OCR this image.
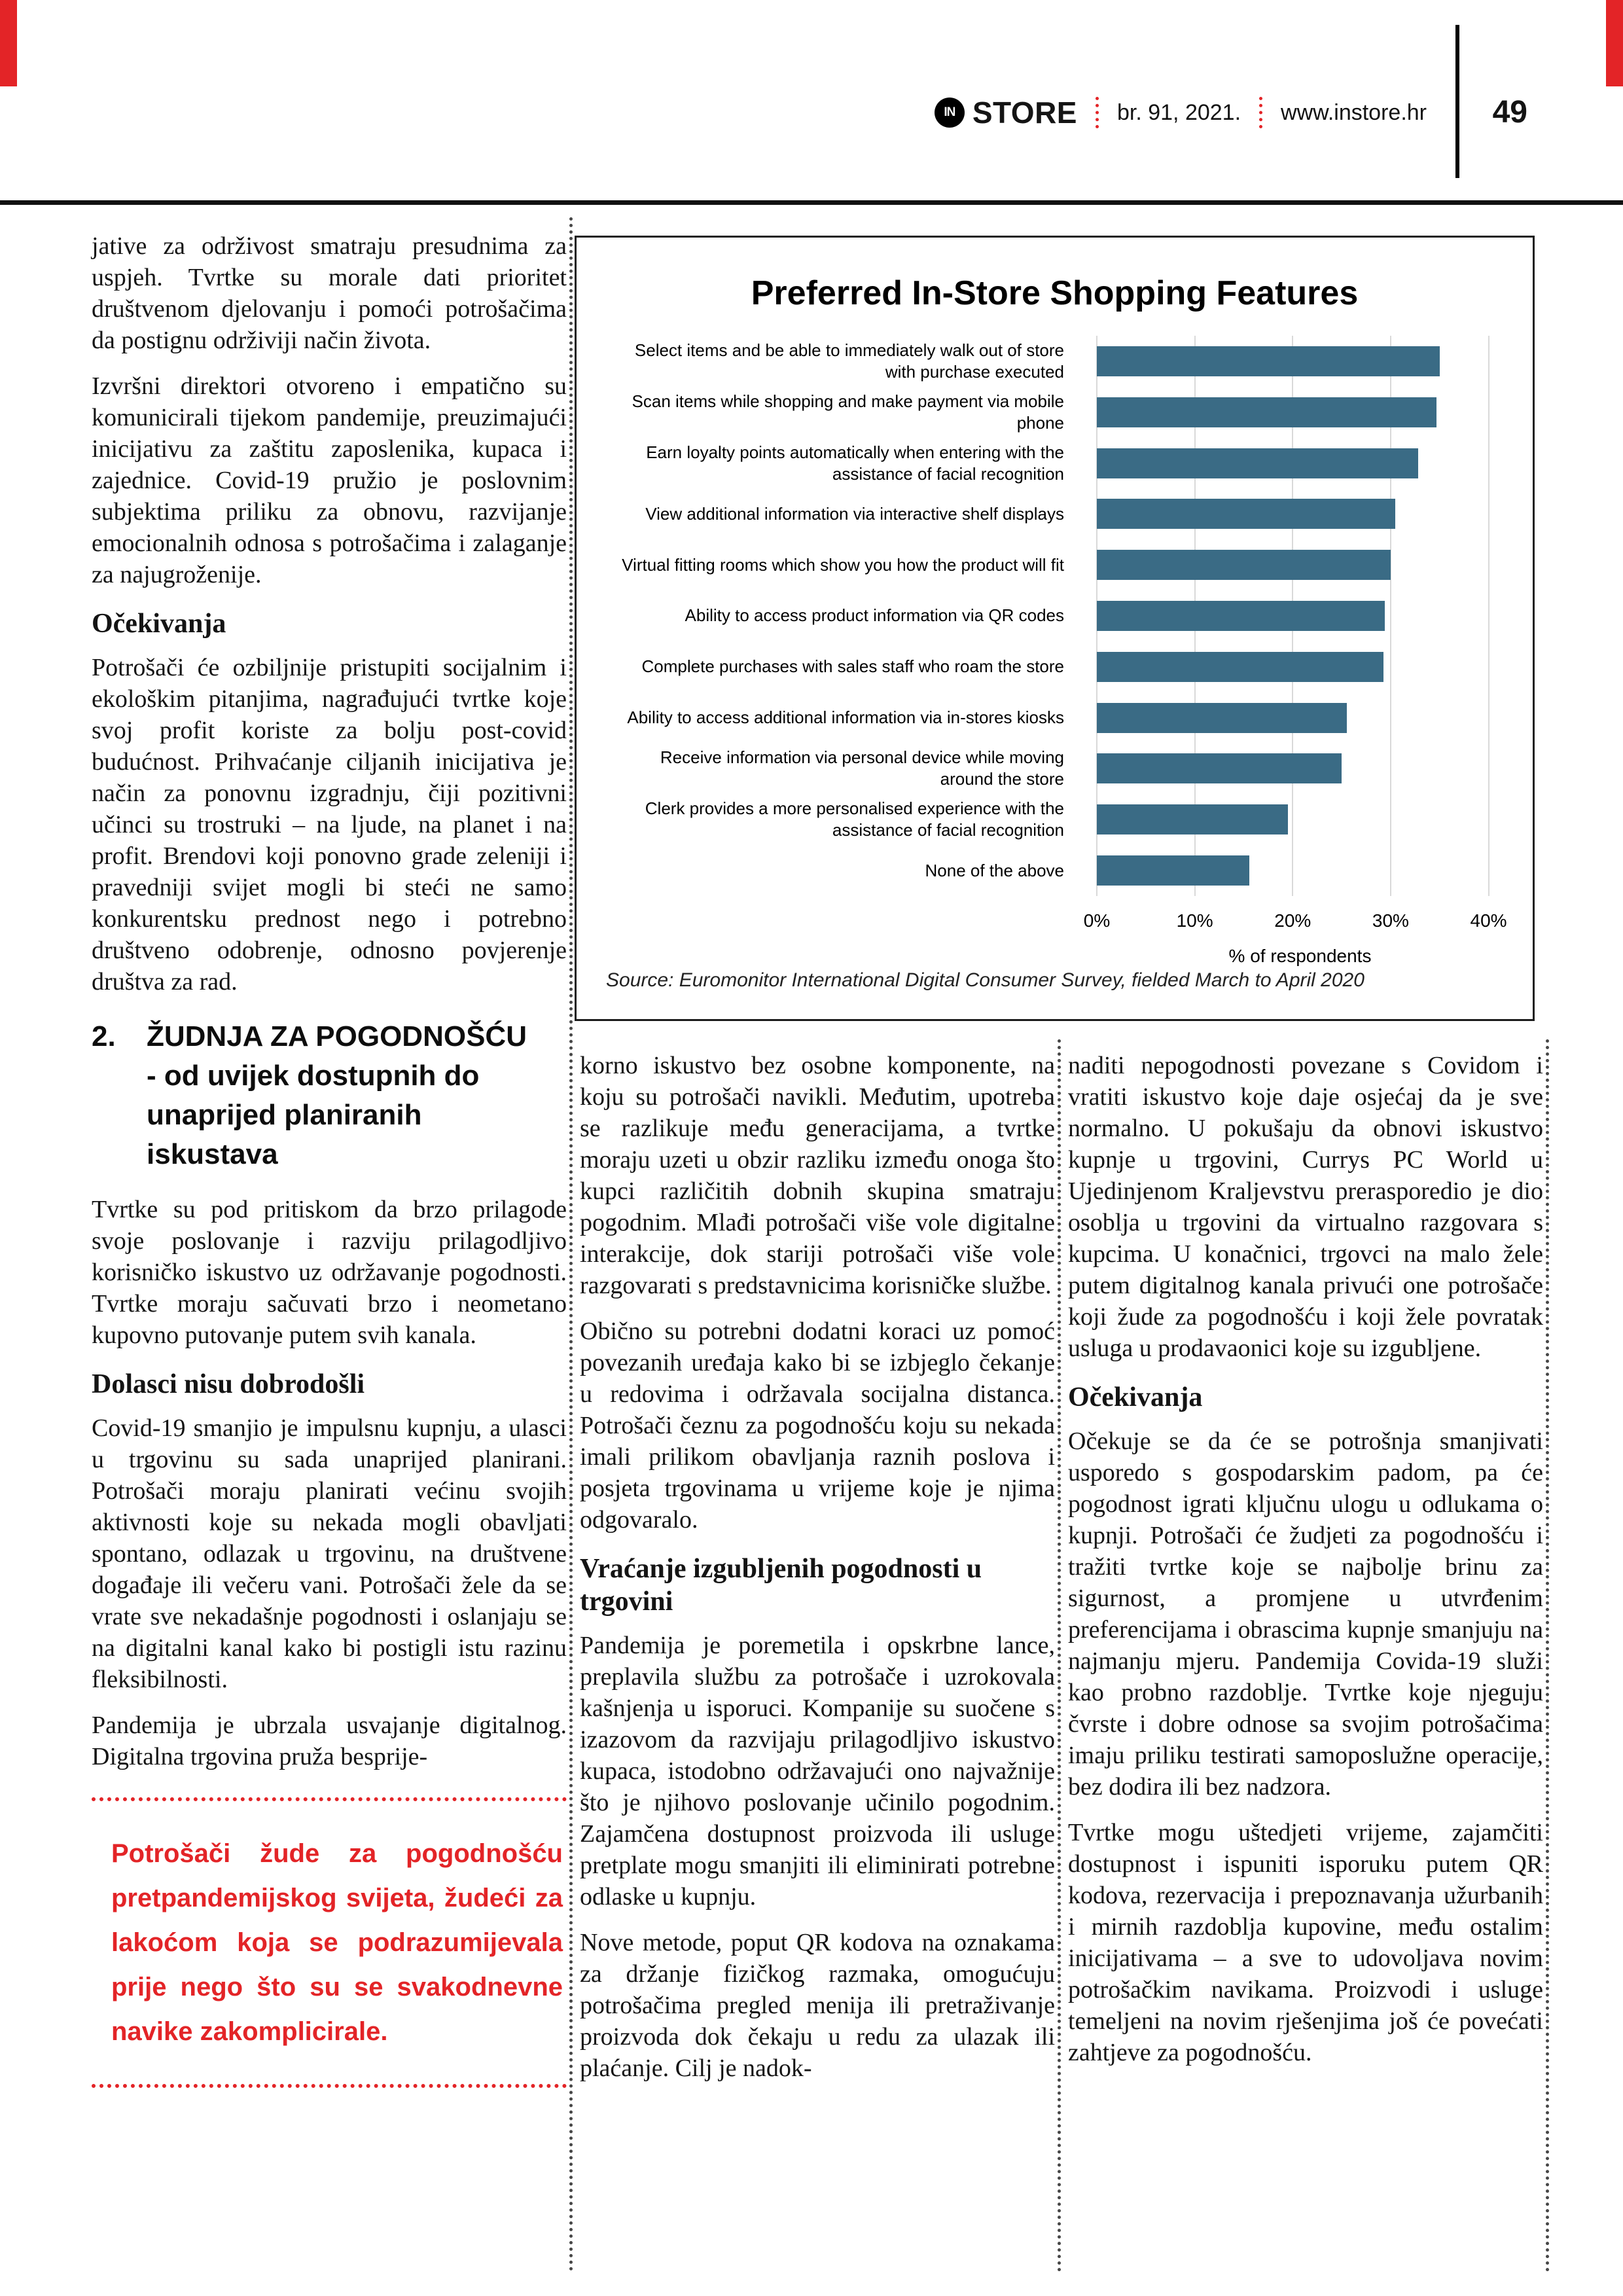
IN STORE br. 91, 2021. www.instore.hr 49
Preferred In-Store Shopping Features
Select items and be able to immediately walk out of store with purchase executed
Scan items while shopping and make payment via mobile phone
Earn loyalty points automatically when entering with the assistance of facial recognition
View additional information via interactive shelf displays
Virtual fitting rooms which show you how the product will fit
Ability to access product information via QR codes
Complete purchases with sales staff who roam the store
Ability to access additional information via in-stores kiosks
Receive information via personal device while moving around the store
Clerk provides a more personalised experience with the assistance of facial recognition
None of the above
0%	10%	20%	30%	40%
% of respondents
Source: Euromonitor International Digital Consumer Survey, fielded March to April 2020

jative za održivost smatraju presudnima za uspjeh. Tvrtke su morale dati prioritet društvenom djelovanju i pomoći potrošačima da postignu održiviji način života.

Izvršni direktori otvoreno i empatično su komunicirali tijekom pandemije, preuzimajući inicijativu za zaštitu zaposlenika, kupaca i zajednice. Covid-19 pružio je poslovnim subjektima priliku za obnovu, razvijanje emocionalnih odnosa s potrošačima i zalaganje za najugroženije.

Očekivanja

Potrošači će ozbiljnije pristupiti socijalnim i ekološkim pitanjima, nagrađujući tvrtke koje svoj profit koriste za bolju post-covid budućnost. Prihvaćanje ciljanih inicijativa je način za ponovnu izgradnju, čiji pozitivni učinci su trostruki – na ljude, na planet i na profit. Brendovi koji ponovno grade zeleniji i pravedniji svijet mogli bi steći ne samo konkurentsku prednost nego i potrebno društveno odobrenje, odnosno povjerenje društva za rad.

2.	ŽUDNJA ZA POGODNOŠĆU - od uvijek dostupnih do unaprijed planiranih iskustava

Tvrtke su pod pritiskom da brzo prilagode svoje poslovanje i razviju prilagodljivo korisničko iskustvo uz održavanje pogodnosti. Tvrtke moraju sačuvati brzo i neometano kupovno putovanje putem svih kanala.

Dolasci nisu dobrodošli

Covid-19 smanjio je impulsnu kupnju, a ulasci u trgovinu su sada unaprijed planirani. Potrošači moraju planirati većinu svojih aktivnosti koje su nekada mogli obavljati spontano, odlazak u trgovinu, na društvene događaje ili večeru vani. Potrošači žele da se vrate sve nekadašnje pogodnosti i oslanjaju se na digitalni kanal kako bi postigli istu razinu fleksibilnosti.

Pandemija je ubrzala usvajanje digitalnog. Digitalna trgovina pruža besprije-

Potrošači žude za pogodnošću pretpandemijskog svijeta, žudeći za lakoćom koja se podrazumijevala prije nego što su se svakodnevne navike zakomplicirale.

korno iskustvo bez osobne komponente, na koju su potrošači navikli. Međutim, upotreba se razlikuje među generacijama, a tvrtke moraju uzeti u obzir razliku između onoga što kupci različitih dobnih skupina smatraju pogodnim. Mlađi potrošači više vole digitalne interakcije, dok stariji potrošači više vole razgovarati s predstavnicima korisničke službe.

Obično su potrebni dodatni koraci uz pomoć povezanih uređaja kako bi se izbjeglo čekanje u redovima i održavala socijalna distanca. Potrošači čeznu za pogodnošću koju su nekada imali prilikom obavljanja raznih poslova i posjeta trgovinama u vrijeme koje je njima odgovaralo.

Vraćanje izgubljenih pogodnosti u trgovini

Pandemija je poremetila i opskrbne lance, preplavila službu za potrošače i uzrokovala kašnjenja u isporuci. Kompanije su suočene s izazovom da razvijaju prilagodljivo iskustvo kupaca, istodobno održavajući ono najvažnije što je njihovo poslovanje učinilo pogodnim. Zajamčena dostupnost proizvoda ili usluge pretplate mogu smanjiti ili eliminirati potrebne odlaske u kupnju.

Nove metode, poput QR kodova na oznakama za držanje fizičkog razmaka, omogućuju potrošačima pregled menija ili pretraživanje proizvoda dok čekaju u redu za ulazak ili plaćanje. Cilj je nadok-

naditi nepogodnosti povezane s Covidom i vratiti iskustvo koje daje osjećaj da je sve normalno. U pokušaju da obnovi iskustvo kupnje u trgovini, Currys PC World u Ujedinjenom Kraljevstvu prerasporedio je dio osoblja u trgovini da virtualno razgovara s kupcima. U konačnici, trgovci na malo žele putem digitalnog kanala privući one potrošače koji žude za pogodnošću i koji žele povratak usluga u prodavaonici koje su izgubljene.

Očekivanja

Očekuje se da će se potrošnja smanjivati usporedo s gospodarskim padom, pa će pogodnost igrati ključnu ulogu u odlukama o kupnji. Potrošači će žudjeti za pogodnošću i tražiti tvrtke koje se najbolje brinu za sigurnost, a promjene u utvrđenim preferencijama i obrascima kupnje smanjuju na najmanju mjeru. Pandemija Covida-19 služi kao probno razdoblje. Tvrtke koje njeguju čvrste i dobre odnose sa svojim potrošačima imaju priliku testirati samoposlužne operacije, bez dodira ili bez nadzora.

Tvrtke mogu uštedjeti vrijeme, zajamčiti dostupnost i ispuniti isporuku putem QR kodova, rezervacija i prepoznavanja užurbanih i mirnih razdoblja kupovine, među ostalim inicijativama – a sve to udovoljava novim potrošačkim navikama. Proizvodi i usluge temeljeni na novim rješenjima još će povećati zahtjeve za pogodnošću.
